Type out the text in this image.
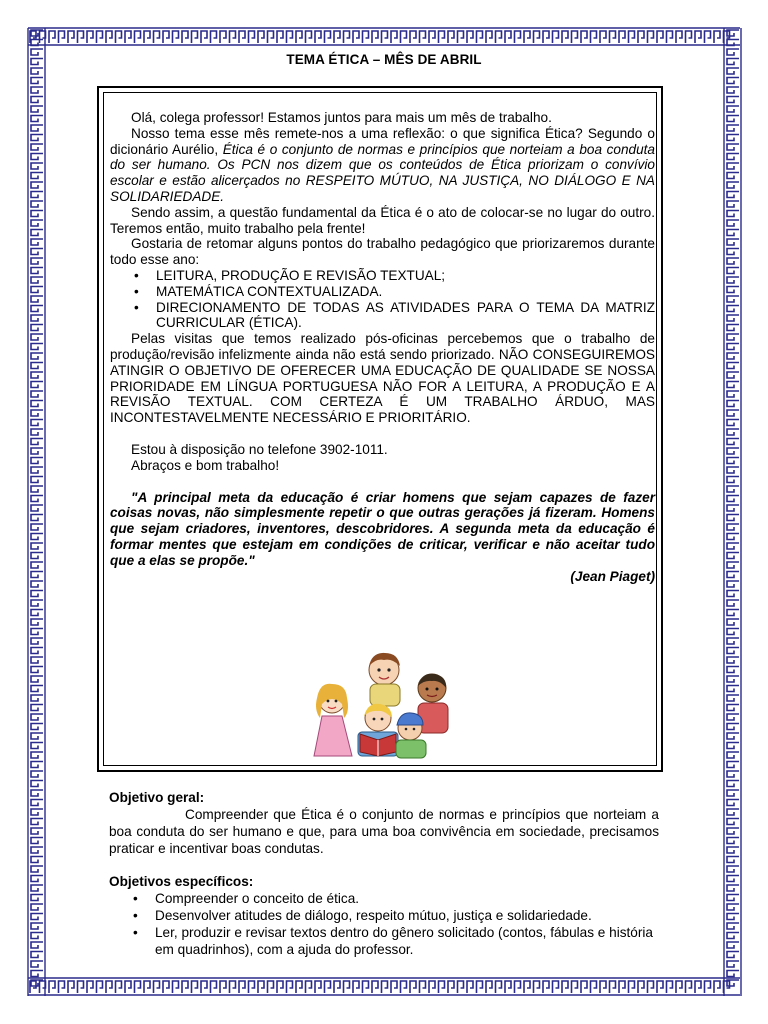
TEMA ÉTICA – MÊS DE ABRIL

Olá, colega professor! Estamos juntos para mais um mês de trabalho.

Nosso tema esse mês remete-nos a uma reflexão: o que significa Ética? Segundo o dicionário Aurélio, Ética é o conjunto de normas e princípios que norteiam a boa conduta do ser humano. Os PCN nos dizem que os conteúdos de Ética priorizam o convívio escolar e estão alicerçados no RESPEITO MÚTUO, NA JUSTIÇA, NO DIÁLOGO E NA SOLIDARIEDADE.

Sendo assim, a questão fundamental da Ética é o ato de colocar-se no lugar do outro. Teremos então, muito trabalho pela frente!

Gostaria de retomar alguns pontos do trabalho pedagógico que priorizaremos durante todo esse ano:

• LEITURA, PRODUÇÃO E REVISÃO TEXTUAL;
• MATEMÁTICA CONTEXTUALIZADA.
• DIRECIONAMENTO DE TODAS AS ATIVIDADES PARA O TEMA DA MATRIZ CURRICULAR (ÉTICA).

Pelas visitas que temos realizado pós-oficinas percebemos que o trabalho de produção/revisão infelizmente ainda não está sendo priorizado. NÃO CONSEGUIREMOS ATINGIR O OBJETIVO DE OFERECER UMA EDUCAÇÃO DE QUALIDADE SE NOSSA PRIORIDADE EM LÍNGUA PORTUGUESA NÃO FOR A LEITURA, A PRODUÇÃO E A REVISÃO TEXTUAL. COM CERTEZA É UM TRABALHO ÁRDUO, MAS INCONTESTAVELMENTE NECESSÁRIO E PRIORITÁRIO.

Estou à disposição no telefone 3902-1011.

Abraços e bom trabalho!

"A principal meta da educação é criar homens que sejam capazes de fazer coisas novas, não simplesmente repetir o que outras gerações já fizeram. Homens que sejam criadores, inventores, descobridores. A segunda meta da educação é formar mentes que estejam em condições de criticar, verificar e não aceitar tudo que a elas se propõe."

(Jean Piaget)

Objetivo geral:

Compreender que Ética é o conjunto de normas e princípios que norteiam a boa conduta do ser humano e que, para uma boa convivência em sociedade, precisamos praticar e incentivar boas condutas.

Objetivos específicos:

• Compreender o conceito de ética.
• Desenvolver atitudes de diálogo, respeito mútuo, justiça e solidariedade.
• Ler, produzir e revisar textos dentro do gênero solicitado (contos, fábulas e história em quadrinhos), com a ajuda do professor.
